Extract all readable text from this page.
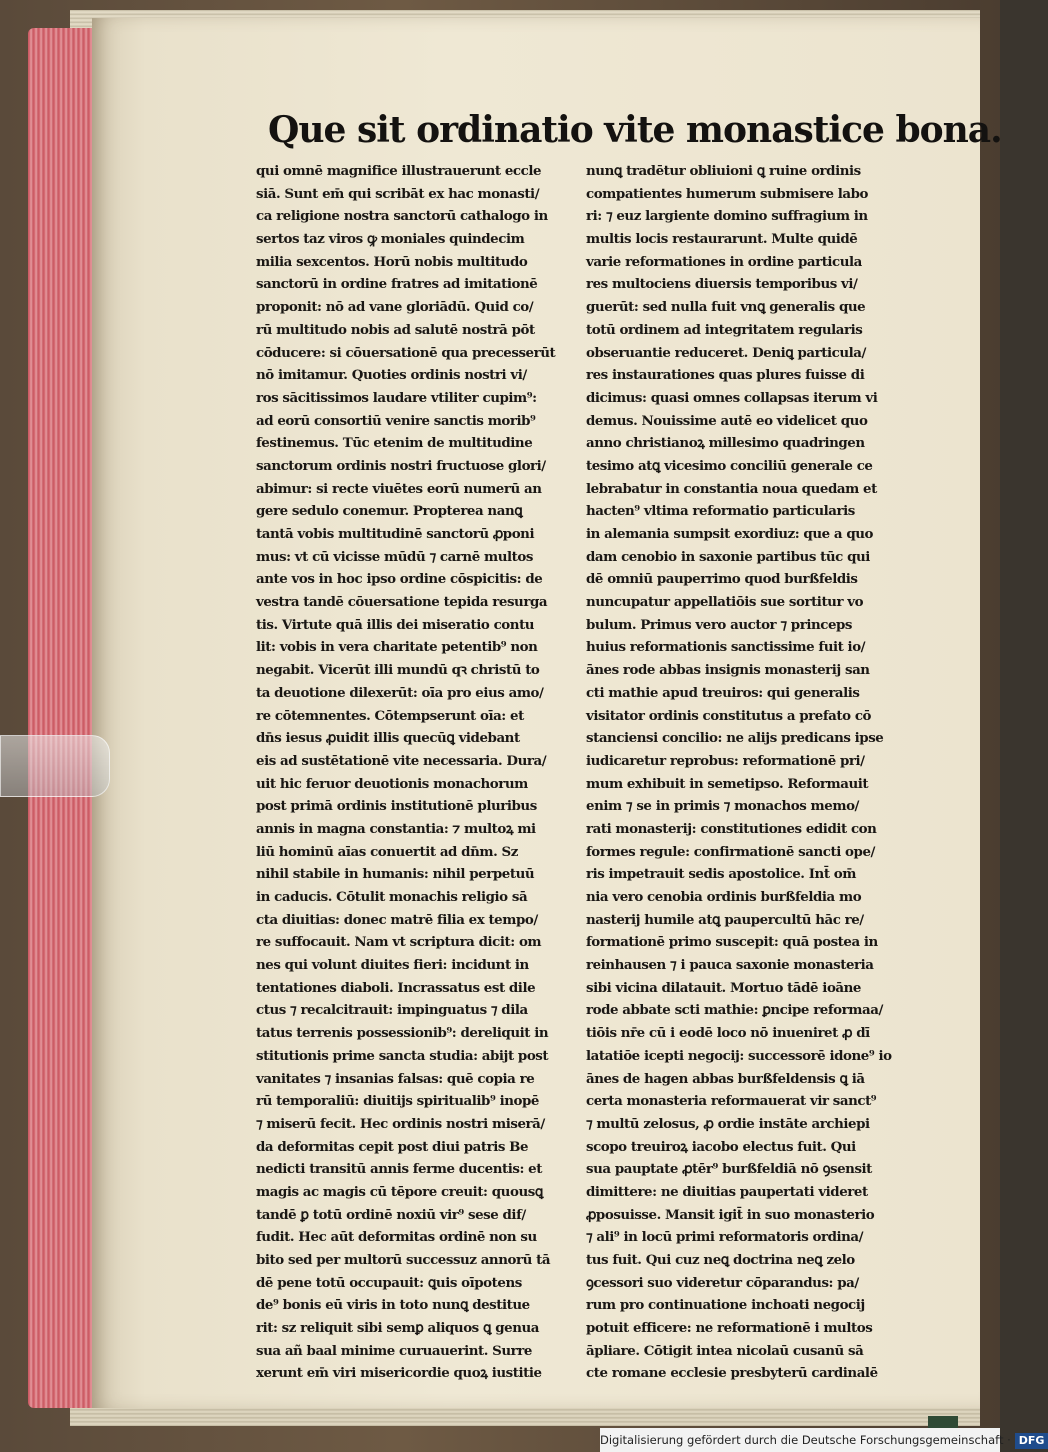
Que sit ordinatio vite monastice bona.
qui omnē magnifice illustrauerunt eccle
siā. Sunt em̄ qui scribāt ex hac monasti/
ca religione nostra sanctorū cathalogo in
sertos taz viros ꝙ moniales quindecim
milia sexcentos. Horū nobis multitudo
sanctorū in ordine fratres ad imitationē
proponit: nō ad vane gloriādū. Quid co/
rū multitudo nobis ad salutē nostrā pōt
cōducere: si cōuersationē qua precesserūt
nō imitamur. Quoties ordinis nostri vi/
ros sācitissimos laudare vtiliter cupim⁹:
ad eorū consortiū venire sanctis morib⁹
festinemus. Tūc etenim de multitudine
sanctorum ordinis nostri fructuose glori/
abimur: si recte viuētes eorū numerū an
gere sedulo conemur. Propterea nanꝗ
tantā vobis multitudinē sanctorū ꝓponi
mus: vt cū vicisse mūdū ⁊ carnē multos
ante vos in hoc ipso ordine cōspicitis: de
vestra tandē cōuersatione tepida resurga
tis. Virtute quā illis dei miseratio contu
lit: vobis in vera charitate petentib⁹ non
negabit. Vicerūt illi mundū qꝛ christū to
ta deuotione dilexerūt: oīa pro eius amo/
re cōtemnentes. Cōtempserunt oīa: et
dn̄s iesus ꝓuidit illis quecūꝗ videbant
eis ad sustētationē vite necessaria. Dura/
uit hic feruor deuotionis monachorum
post primā ordinis institutionē pluribus
annis in magna constantia: ⁊ multoꝝ mi
liū hominū aīas conuertit ad dn̄m. Sz
nihil stabile in humanis: nihil perpetuū
in caducis. Cōtulit monachis religio sā
cta diuitias: donec matrē filia ex tempo/
re suffocauit. Nam vt scriptura dicit: om
nes qui volunt diuites fieri: incidunt in
tentationes diaboli. Incrassatus est dile
ctus ⁊ recalcitrauit: impinguatus ⁊ dila
tatus terrenis possessionib⁹: dereliquit in
stitutionis prime sancta studia: abijt post
vanitates ⁊ insanias falsas: quē copia re
rū temporaliū: diuitijs spiritualib⁹ inopē
⁊ miserū fecit. Hec ordinis nostri miserā/
da deformitas cepit post diui patris Be
nedicti transitū annis ferme ducentis: et
magis ac magis cū tēpore creuit: quousꝗ
tandē ꝑ totū ordinē noxiū vir⁹ sese dif/
fudit. Hec aūt deformitas ordinē non su
bito sed per multorū successuz annorū tā
dē pene totū occupauit: ꝗuis oīpotens
de⁹ bonis eū viris in toto nunꝗ destitue
rit: sz reliquit sibi semꝑ aliquos ꝗ genua
sua añ baal minime curuauerint. Surre
xerunt em̄ viri misericordie quoꝝ iustitie
nunꝗ tradētur obliuioni ꝗ ruine ordinis
compatientes humerum submisere labo
ri: ⁊ euz largiente domino suffragium in
multis locis restaurarunt. Multe quidē
varie reformationes in ordine particula
res multociens diuersis temporibus vi/
guerūt: sed nulla fuit vnꝗ generalis que
totū ordinem ad integritatem regularis
obseruantie reduceret. Deniꝗ particula/
res instaurationes quas plures fuisse di
dicimus: quasi omnes collapsas iterum vi
demus. Nouissime autē eo videlicet quo
anno christianoꝝ millesimo quadringen
tesimo atꝗ vicesimo conciliū generale ce
lebrabatur in constantia noua quedam et
hacten⁹ vltima reformatio particularis
in alemania sumpsit exordiuz: que a quo
dam cenobio in saxonie partibus tūc qui
dē omniū pauperrimo quod burßfeldis
nuncupatur appellatiōis sue sortitur vo
bulum. Primus vero auctor ⁊ princeps
huius reformationis sanctissime fuit io/
ānes rode abbas insignis monasterij san
cti mathie apud treuiros: qui generalis
visitator ordinis constitutus a prefato cō
stanciensi concilio: ne alijs predicans ipse
iudicaretur reprobus: reformationē pri/
mum exhibuit in semetipso. Reformauit
enim ⁊ se in primis ⁊ monachos memo/
rati monasterij: constitutiones edidit con
formes regule: confirmationē sancti ope/
ris impetrauit sedis apostolice. Int̄ om̄
nia vero cenobia ordinis burßfeldia mo
nasterij humile atꝗ paupercultū hāc re/
formationē primo suscepit: quā postea in
reinhausen ⁊ i pauca saxonie monasteria
sibi vicina dilatauit. Mortuo tādē ioāne
rode abbate scti mathie: ꝑncipe reformaa/
tiōis nr̄e cū i eodē loco nō inueniret ꝓ dī
latatiōe icepti negocij: successorē idone⁹ io
ānes de hagen abbas burßfeldensis ꝗ iā
certa monasteria reformauerat vir sanct⁹
⁊ multū zelosus, ꝓ ordie instāte archiepi
scopo treuiroꝝ iacobo electus fuit. Qui
sua pauptate ꝓtēr⁹ burßfeldiā nō ꝯsensit
dimittere: ne diuitias paupertati videret
ꝓposuisse. Mansit igit̄ in suo monasterio
⁊ ali⁹ in locū primi reformatoris ordina/
tus fuit. Qui cuz neꝗ doctrina neꝗ zelo
ꝯcessori suo videretur cōparandus: pa/
rum pro continuatione inchoati negocij
potuit efficere: ne reformationē i multos
āpliare. Cōtigit intea nicolaū cusanū sā
cte romane ecclesie presbyterū cardinalē
Digitalisierung gefördert durch die Deutsche Forschungsgemeinschaft · DFG
